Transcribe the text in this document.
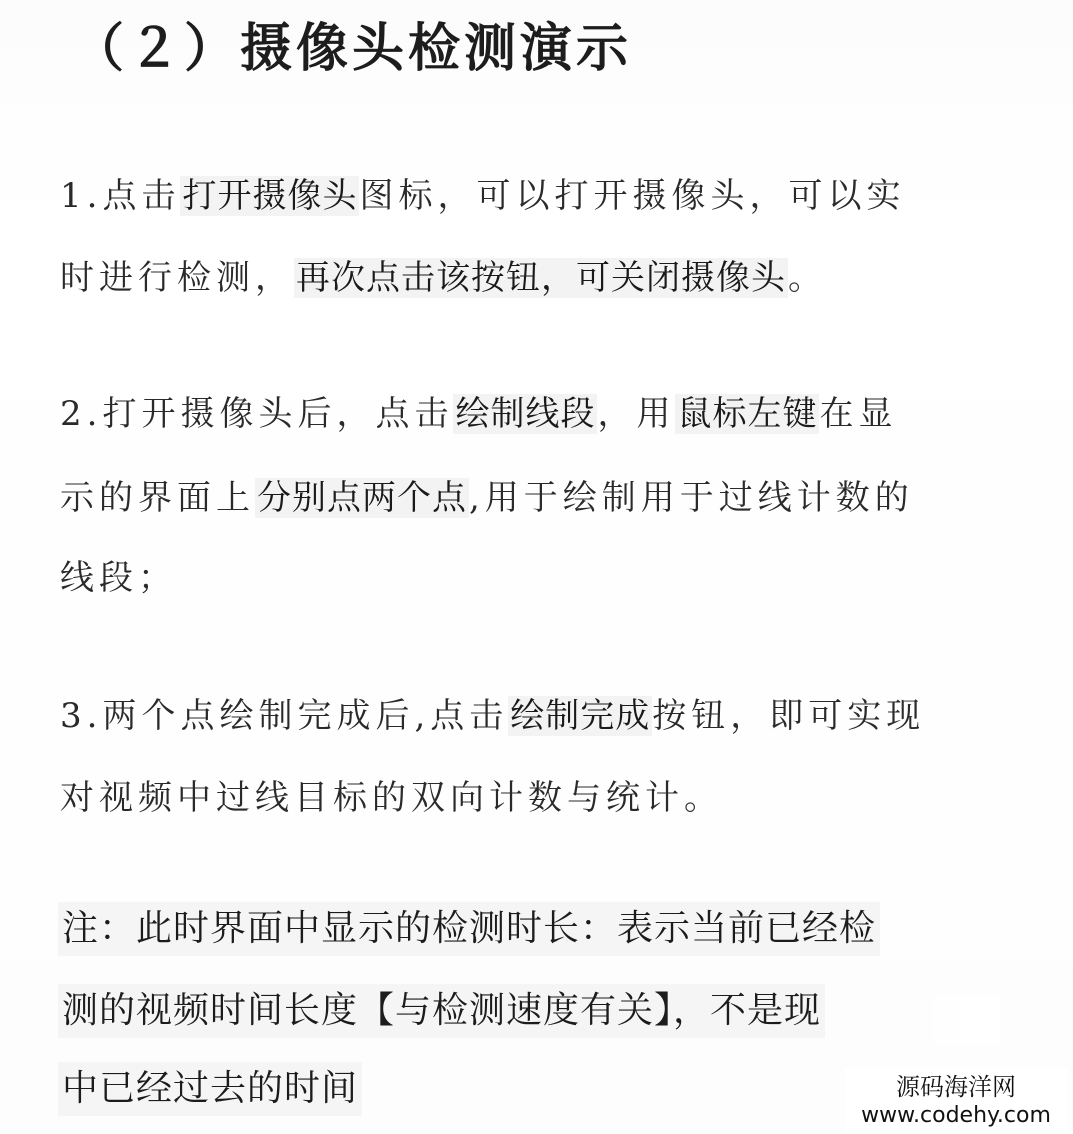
（２）摄像头检测演示
1.点击打开摄像头图标，可以打开摄像头，可以实
时进行检测，再次点击该按钮，可关闭摄像头。
2.打开摄像头后，点击绘制线段，用鼠标左键在显
示的界面上分别点两个点,用于绘制用于过线计数的
线段；
3.两个点绘制完成后,点击绘制完成按钮，即可实现
对视频中过线目标的双向计数与统计。
注：此时界面中显示的检测时长：表示当前已经检
测的视频时间长度【与检测速度有关】，不是现
中已经过去的时间	源码海洋网
www.codehy.com
